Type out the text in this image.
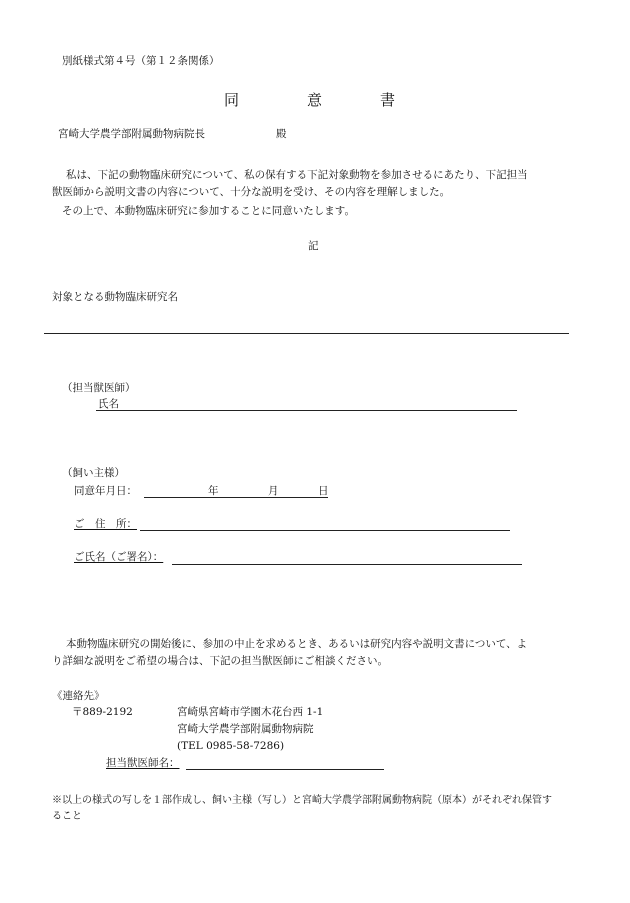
別紙様式第４号（第１２条関係）
同	意	書
宮崎大学農学部附属動物病院長	殿
私は、下記の動物臨床研究について、私の保有する下記対象動物を参加させるにあたり、下記担当
獣医師から説明文書の内容について、十分な説明を受け、その内容を理解しました。
その上で、本動物臨床研究に参加することに同意いたします。
記
対象となる動物臨床研究名
（担当獣医師）
氏名
（飼い主様）
同意年月日：	年	月	日
ご　住　所：
ご氏名（ご署名）：
本動物臨床研究の開始後に、参加の中止を求めるとき、あるいは研究内容や説明文書について、よ
り詳細な説明をご希望の場合は、下記の担当獣医師にご相談ください。
《連絡先》
〒889-2192	宮崎県宮崎市学園木花台西 1-1
宮崎大学農学部附属動物病院
(TEL 0985-58-7286)
担当獣医師名：
※以上の様式の写しを１部作成し、飼い主様（写し）と宮崎大学農学部附属動物病院（原本）がそれぞれ保管す
ること
